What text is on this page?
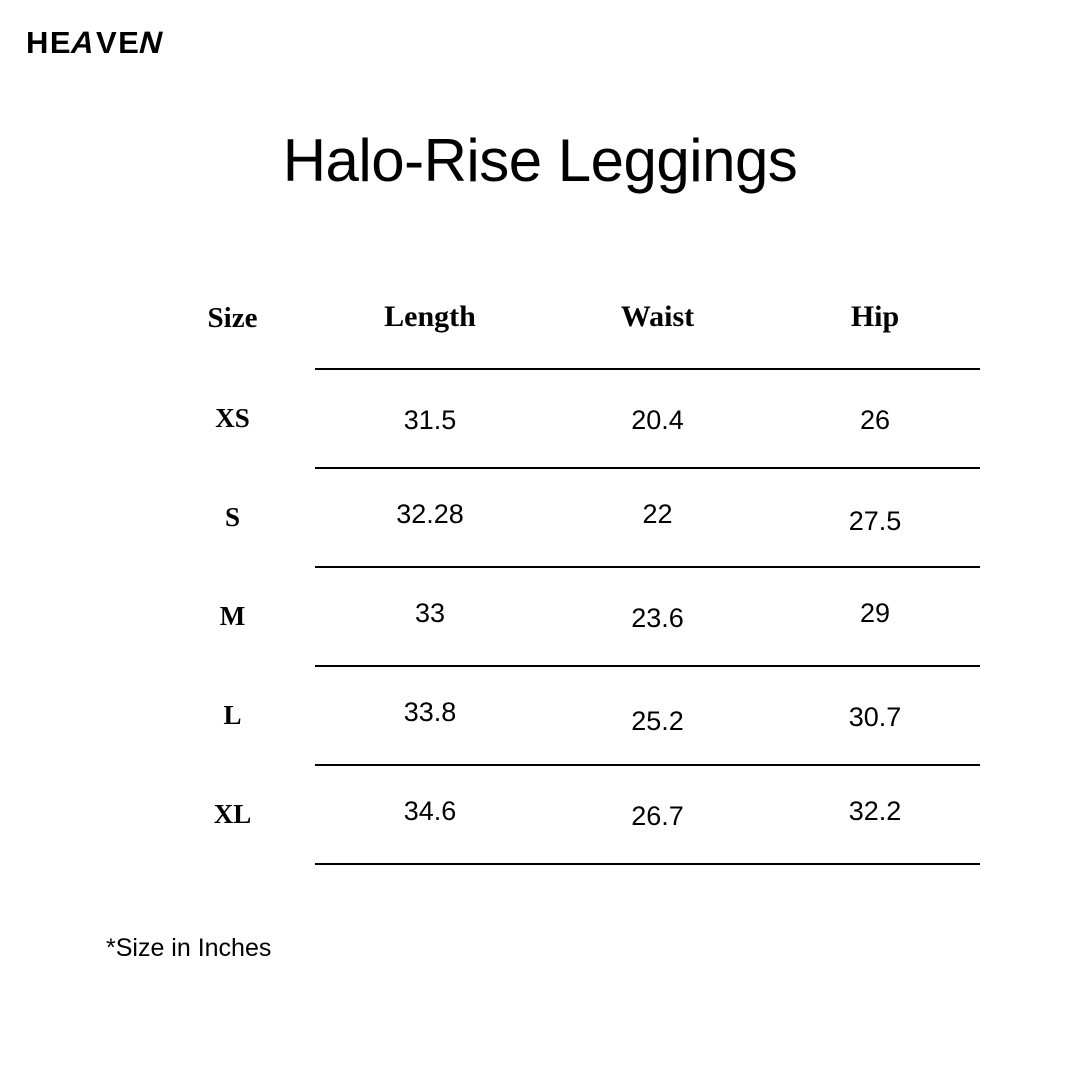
HEAVEN
Halo-Rise Leggings
Size	Length	Waist	Hip
XS	31.5	20.4	26
S	32.28	22	27.5
M	33	23.6	29
L	33.8	25.2	30.7
XL	34.6	26.7	32.2
*Size in Inches
